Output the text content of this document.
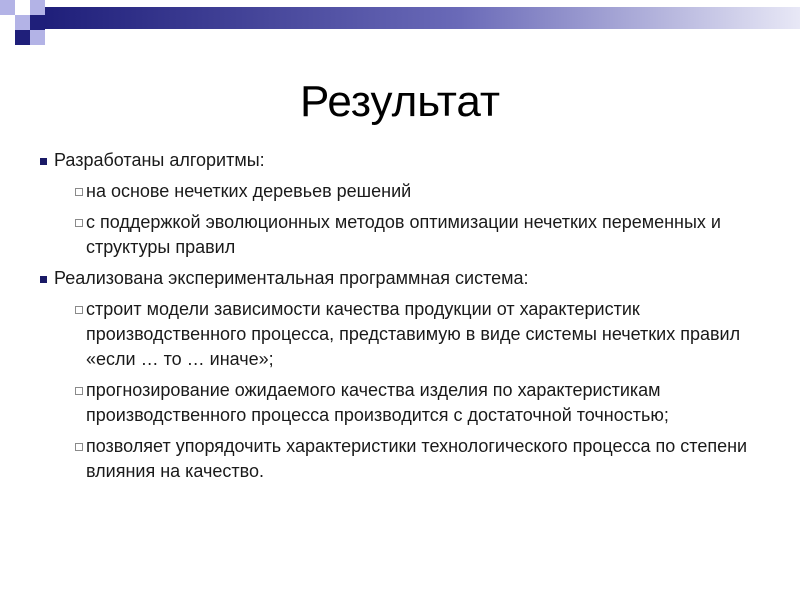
Результат
Разработаны алгоритмы:
на основе нечетких деревьев решений
с поддержкой эволюционных методов оптимизации нечетких переменных и структуры правил
Реализована экспериментальная программная система:
строит модели зависимости качества продукции от характеристик производственного процесса, представимую в виде системы нечетких правил «если … то … иначе»;
прогнозирование ожидаемого качества изделия по характеристикам производственного процесса производится с достаточной точностью;
позволяет упорядочить характеристики технологического процесса по степени влияния на качество.
